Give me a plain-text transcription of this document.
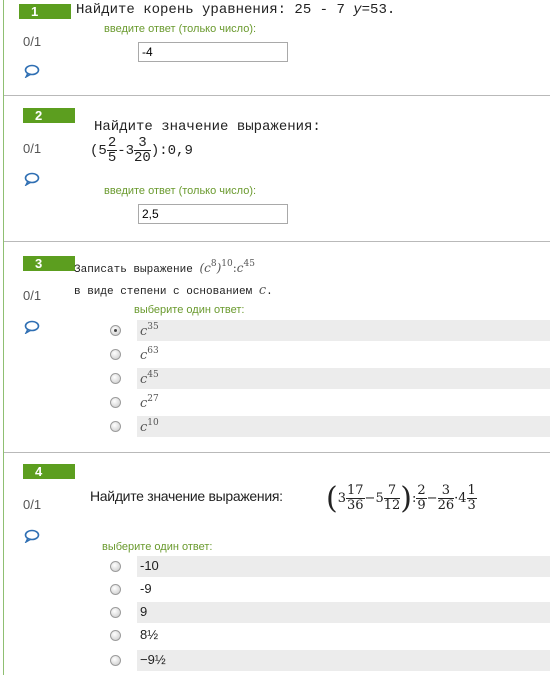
1	Найдите корень уравнения: 25 - 7 y=53.
0/1
введите ответ (только число):
-4
2
Найдите значение выражения:
($5 \frac{2}{5} -3 \frac{3}{20}$ ):0,9
0/1
введите ответ (только число):
2,5
3	Записать выражение $(c^8)^{10}:c^{45}$
в виде степени с основанием c.
0/1
выберите один ответ:
$c^{35}$
$c^{63}$
$c^{45}$
$c^{27}$
$c^{10}$
4
Найдите значение выражения: ($3 \frac{17}{36} -5 \frac{7}{12}$ ): $\frac{2}{9} - \frac{3}{26} \cdot 4 \frac{1}{3}$
0/1
выберите один ответ:
-10
-9
9
8½
−9½
